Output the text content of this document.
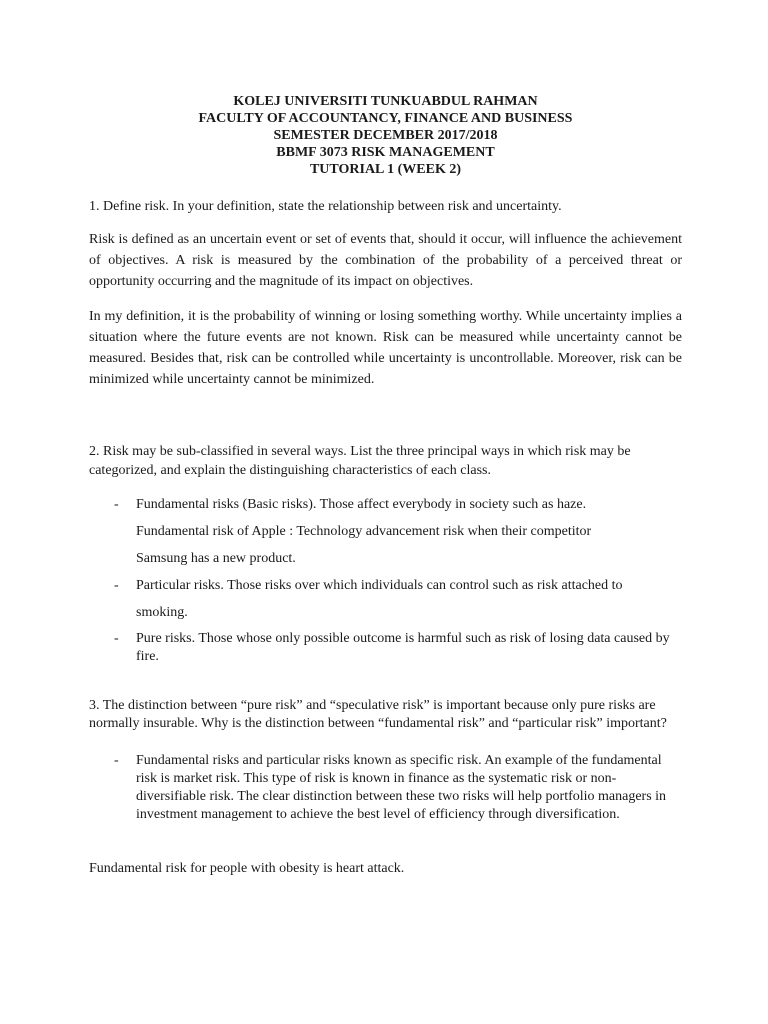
KOLEJ UNIVERSITI TUNKUABDUL RAHMAN
FACULTY OF ACCOUNTANCY, FINANCE AND BUSINESS
SEMESTER DECEMBER 2017/2018
BBMF 3073 RISK MANAGEMENT
TUTORIAL 1 (WEEK 2)
1. Define risk. In your definition, state the relationship between risk and uncertainty.

Risk is defined as an uncertain event or set of events that, should it occur, will influence the achievement of objectives. A risk is measured by the combination of the probability of a perceived threat or opportunity occurring and the magnitude of its impact on objectives.

In my definition, it is the probability of winning or losing something worthy. While uncertainty implies a situation where the future events are not known. Risk can be measured while uncertainty cannot be measured. Besides that, risk can be controlled while uncertainty is uncontrollable. Moreover, risk can be minimized while uncertainty cannot be minimized.

2. Risk may be sub-classified in several ways. List the three principal ways in which risk may be categorized, and explain the distinguishing characteristics of each class.
- Fundamental risks (Basic risks). Those affect everybody in society such as haze.
Fundamental risk of Apple : Technology advancement risk when their competitor
Samsung has a new product.
- Particular risks. Those risks over which individuals can control such as risk attached to
smoking.
- Pure risks. Those whose only possible outcome is harmful such as risk of losing data caused by fire.
3. The distinction between “pure risk” and “speculative risk” is important because only pure risks are normally insurable. Why is the distinction between “fundamental risk” and “particular risk” important?
- Fundamental risks and particular risks known as specific risk. An example of the fundamental risk is market risk. This type of risk is known in finance as the systematic risk or non-diversifiable risk. The clear distinction between these two risks will help portfolio managers in investment management to achieve the best level of efficiency through diversification.
Fundamental risk for people with obesity is heart attack.
